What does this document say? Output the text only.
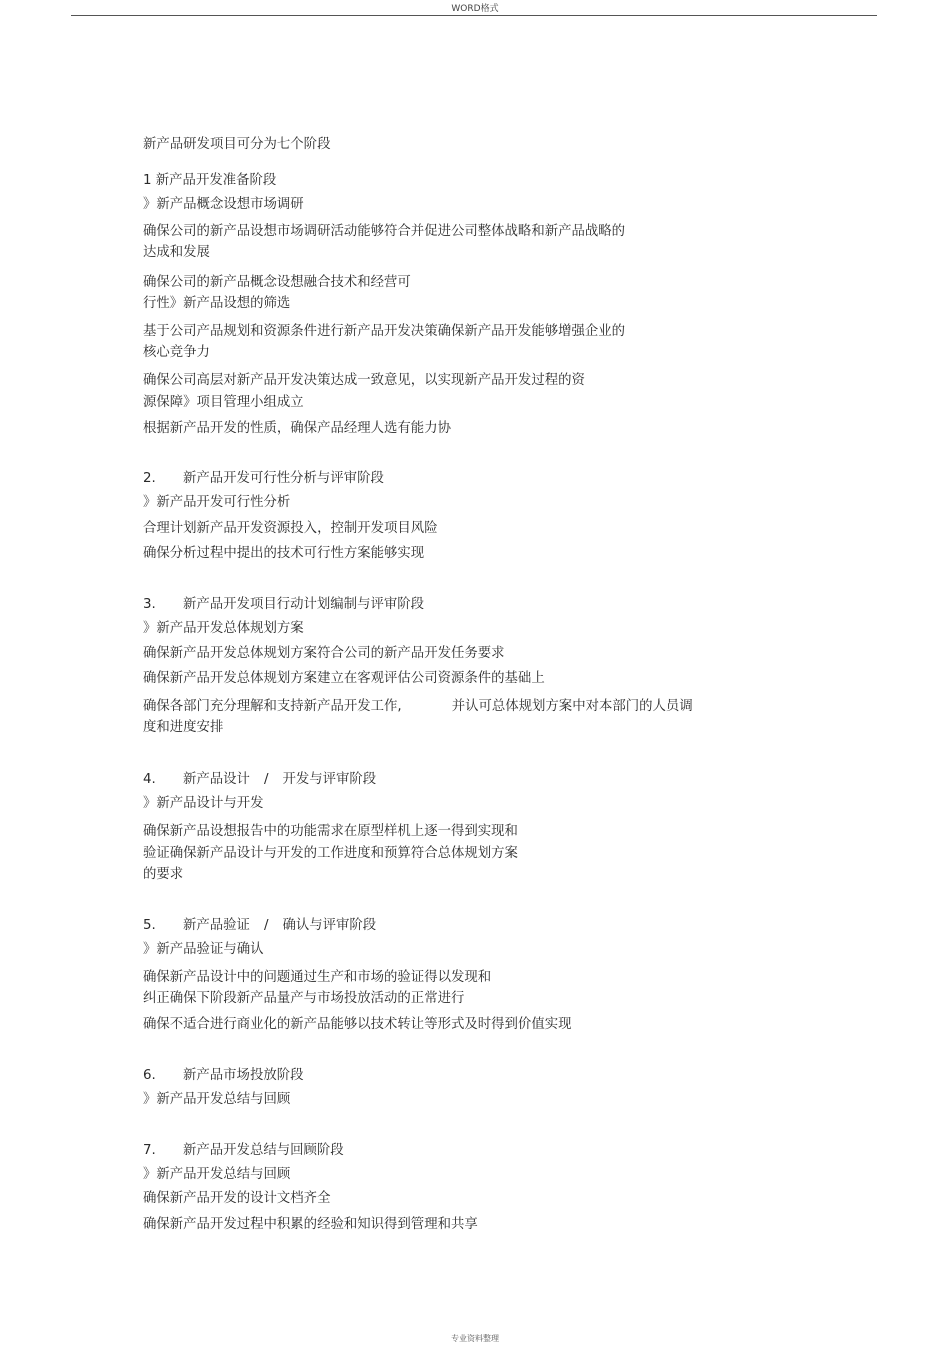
WORD格式
新产品研发项目可分为七个阶段
1 新产品开发准备阶段
》新产品概念设想市场调研
确保公司的新产品设想市场调研活动能够符合并促进公司整体战略和新产品战略的
达成和发展
确保公司的新产品概念设想融合技术和经营可
行性》新产品设想的筛选
基于公司产品规划和资源条件进行新产品开发决策确保新产品开发能够增强企业的
核心竞争力
确保公司高层对新产品开发决策达成一致意见，以实现新产品开发过程的资
源保障》项目管理小组成立
根据新产品开发的性质，确保产品经理人选有能力协
2. 新产品开发可行性分析与评审阶段
》新产品开发可行性分析
合理计划新产品开发资源投入，控制开发项目风险
确保分析过程中提出的技术可行性方案能够实现
3. 新产品开发项目行动计划编制与评审阶段
》新产品开发总体规划方案
确保新产品开发总体规划方案符合公司的新产品开发任务要求
确保新产品开发总体规划方案建立在客观评估公司资源条件的基础上
确保各部门充分理解和支持新产品开发工作,	并认可总体规划方案中对本部门的人员调
度和进度安排
4. 新产品设计 / 开发与评审阶段
》新产品设计与开发
确保新产品设想报告中的功能需求在原型样机上逐一得到实现和
验证确保新产品设计与开发的工作进度和预算符合总体规划方案
的要求
5. 新产品验证 / 确认与评审阶段
》新产品验证与确认
确保新产品设计中的问题通过生产和市场的验证得以发现和
纠正确保下阶段新产品量产与市场投放活动的正常进行
确保不适合进行商业化的新产品能够以技术转让等形式及时得到价值实现
6. 新产品市场投放阶段
》新产品开发总结与回顾
7. 新产品开发总结与回顾阶段
》新产品开发总结与回顾
确保新产品开发的设计文档齐全
确保新产品开发过程中积累的经验和知识得到管理和共享
专业资料整理
